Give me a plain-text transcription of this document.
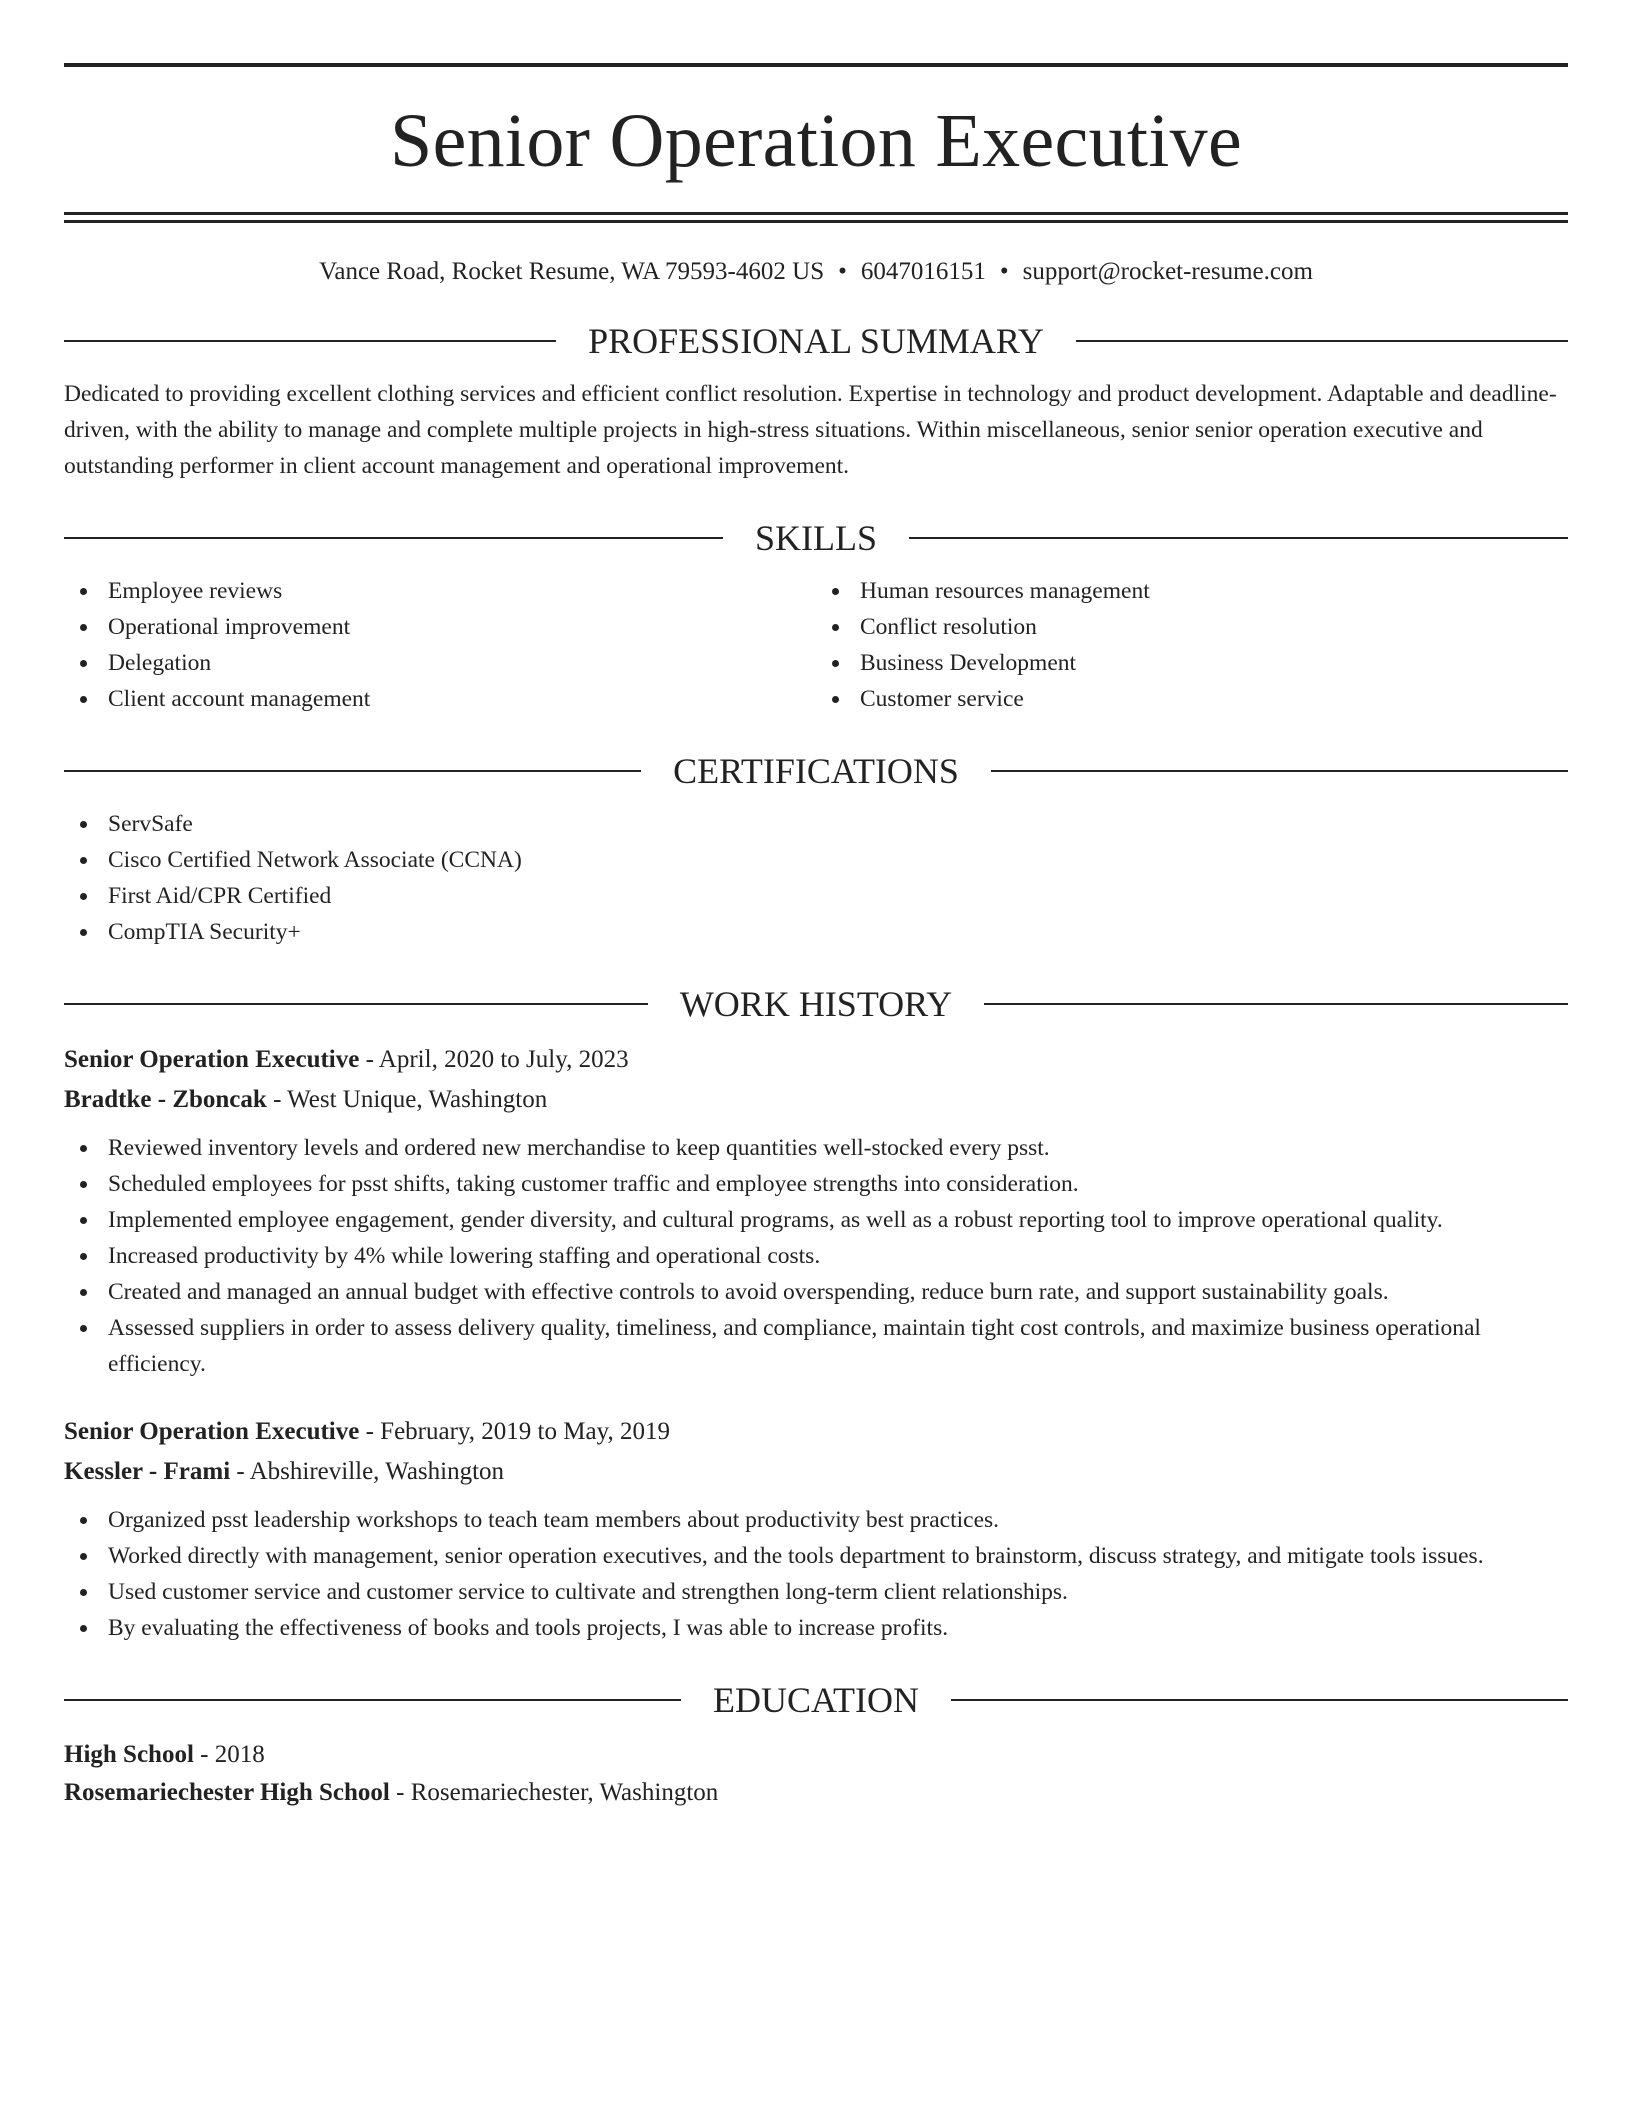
Senior Operation Executive
Vance Road, Rocket Resume, WA 79593-4602 US • 6047016151 • support@rocket-resume.com
PROFESSIONAL SUMMARY
Dedicated to providing excellent clothing services and efficient conflict resolution. Expertise in technology and product development. Adaptable and deadline-driven, with the ability to manage and complete multiple projects in high-stress situations. Within miscellaneous, senior senior operation executive and outstanding performer in client account management and operational improvement.
SKILLS
Employee reviews
Operational improvement
Delegation
Client account management
Human resources management
Conflict resolution
Business Development
Customer service
CERTIFICATIONS
ServSafe
Cisco Certified Network Associate (CCNA)
First Aid/CPR Certified
CompTIA Security+
WORK HISTORY
Senior Operation Executive - April, 2020 to July, 2023
Bradtke - Zboncak - West Unique, Washington
Reviewed inventory levels and ordered new merchandise to keep quantities well-stocked every psst.
Scheduled employees for psst shifts, taking customer traffic and employee strengths into consideration.
Implemented employee engagement, gender diversity, and cultural programs, as well as a robust reporting tool to improve operational quality.
Increased productivity by 4% while lowering staffing and operational costs.
Created and managed an annual budget with effective controls to avoid overspending, reduce burn rate, and support sustainability goals.
Assessed suppliers in order to assess delivery quality, timeliness, and compliance, maintain tight cost controls, and maximize business operational efficiency.
Senior Operation Executive - February, 2019 to May, 2019
Kessler - Frami - Abshireville, Washington
Organized psst leadership workshops to teach team members about productivity best practices.
Worked directly with management, senior operation executives, and the tools department to brainstorm, discuss strategy, and mitigate tools issues.
Used customer service and customer service to cultivate and strengthen long-term client relationships.
By evaluating the effectiveness of books and tools projects, I was able to increase profits.
EDUCATION
High School - 2018
Rosemariechester High School - Rosemariechester, Washington
